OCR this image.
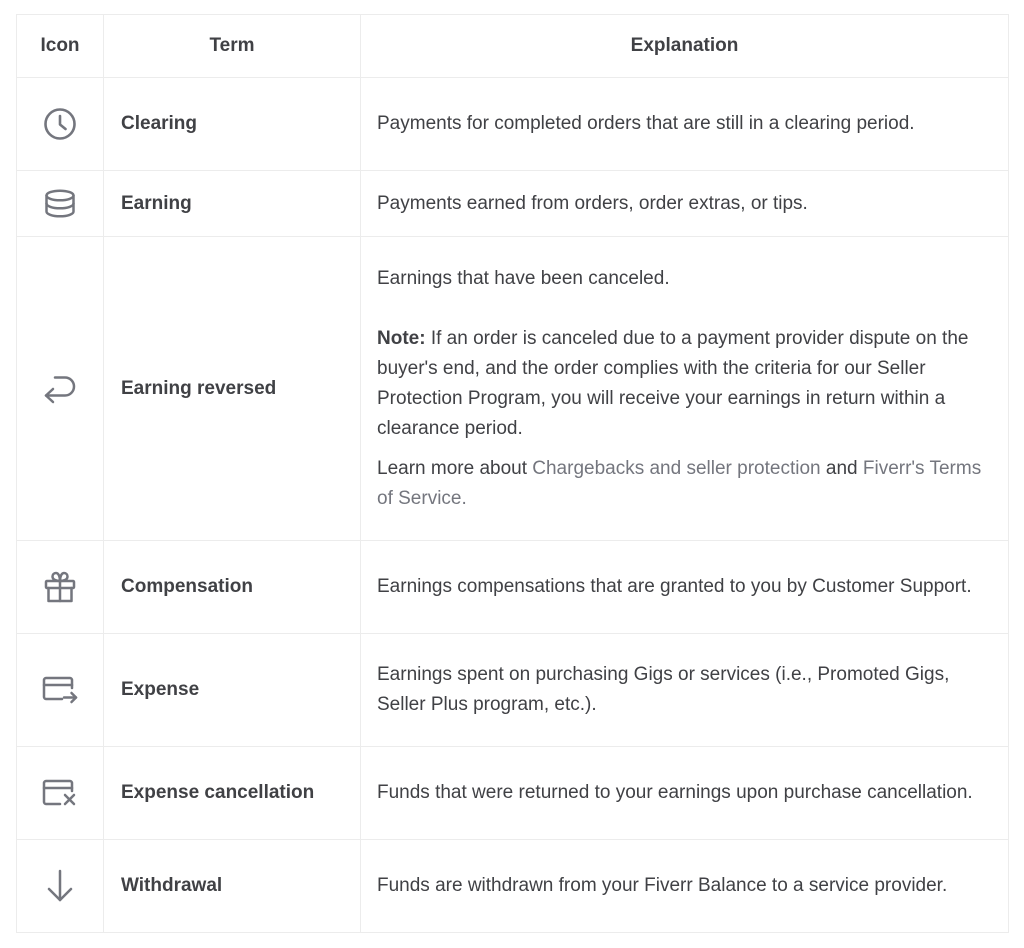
Icon	Term	Explanation
	Clearing	Payments for completed orders that are still in a clearing period.

	Earning	Payments earned from orders, order extras, or tips.

	Earning reversed	Earnings that have been canceled.

Note: If an order is canceled due to a payment provider dispute on the buyer's end, and the order complies with the criteria for our Seller Protection Program, you will receive your earnings in return within a clearance period.

Learn more about Chargebacks and seller protection and Fiverr's Terms of Service.

	Compensation	Earnings compensations that are granted to you by Customer Support.

	Expense	Earnings spent on purchasing Gigs or services (i.e., Promoted Gigs, Seller Plus program, etc.).

	Expense cancellation	Funds that were returned to your earnings upon purchase cancellation.

	Withdrawal	Funds are withdrawn from your Fiverr Balance to a service provider.
